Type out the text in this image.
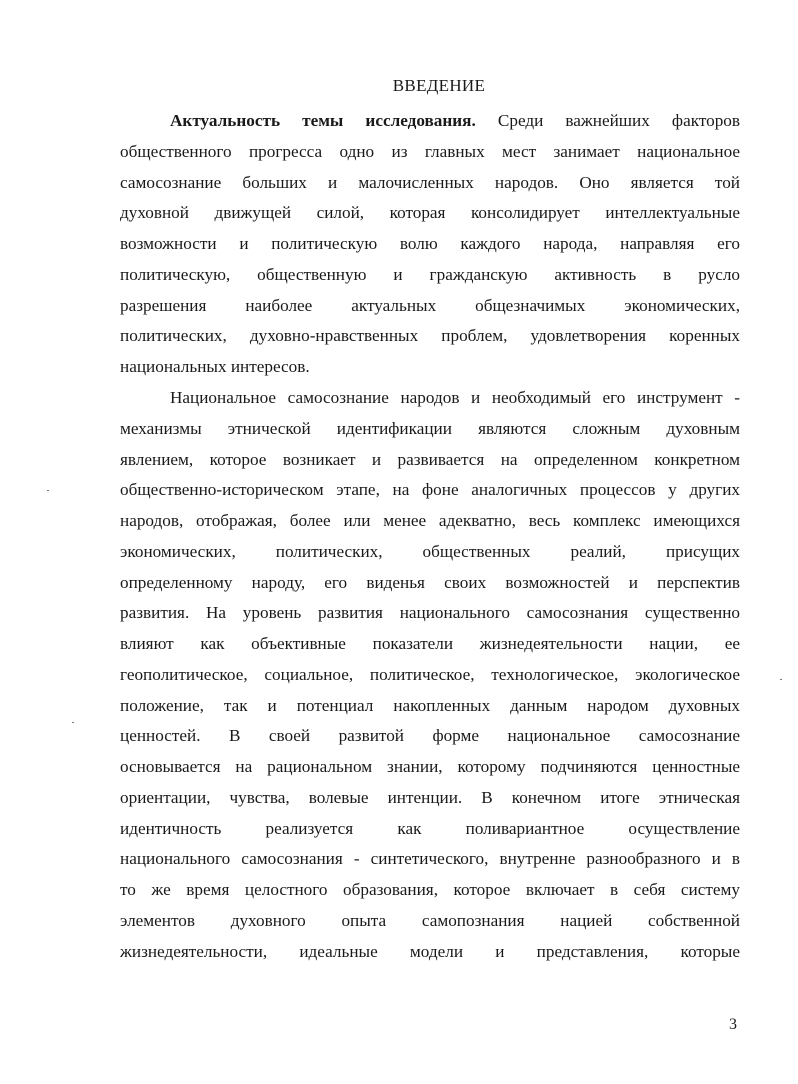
ВВЕДЕНИЕ
Актуальность темы исследования. Среди важнейших факторов
общественного прогресса одно из главных мест занимает национальное
самосознание больших и малочисленных народов. Оно является той
духовной движущей силой, которая консолидирует интеллектуальные
возможности и политическую волю каждого народа, направляя его
политическую, общественную и гражданскую активность в русло
разрешения наиболее актуальных общезначимых экономических,
политических, духовно-нравственных проблем, удовлетворения коренных
национальных интересов.
Национальное самосознание народов и необходимый его инструмент -
механизмы этнической идентификации являются сложным духовным
явлением, которое возникает и развивается на определенном конкретном
общественно-историческом этапе, на фоне аналогичных процессов у других
народов, отображая, более или менее адекватно, весь комплекс имеющихся
экономических, политических, общественных реалий, присущих
определенному народу, его виденья своих возможностей и перспектив
развития. На уровень развития национального самосознания существенно
влияют как объективные показатели жизнедеятельности нации, ее
геополитическое, социальное, политическое, технологическое, экологическое
положение, так и потенциал накопленных данным народом духовных
ценностей. В своей развитой форме национальное самосознание
основывается на рациональном знании, которому подчиняются ценностные
ориентации, чувства, волевые интенции. В конечном итоге этническая
идентичность реализуется как поливариантное осуществление
национального самосознания - синтетического, внутренне разнообразного и в
то же время целостного образования, которое включает в себя систему
элементов духовного опыта самопознания нацией собственной
жизнедеятельности, идеальные модели и представления, которые
3
